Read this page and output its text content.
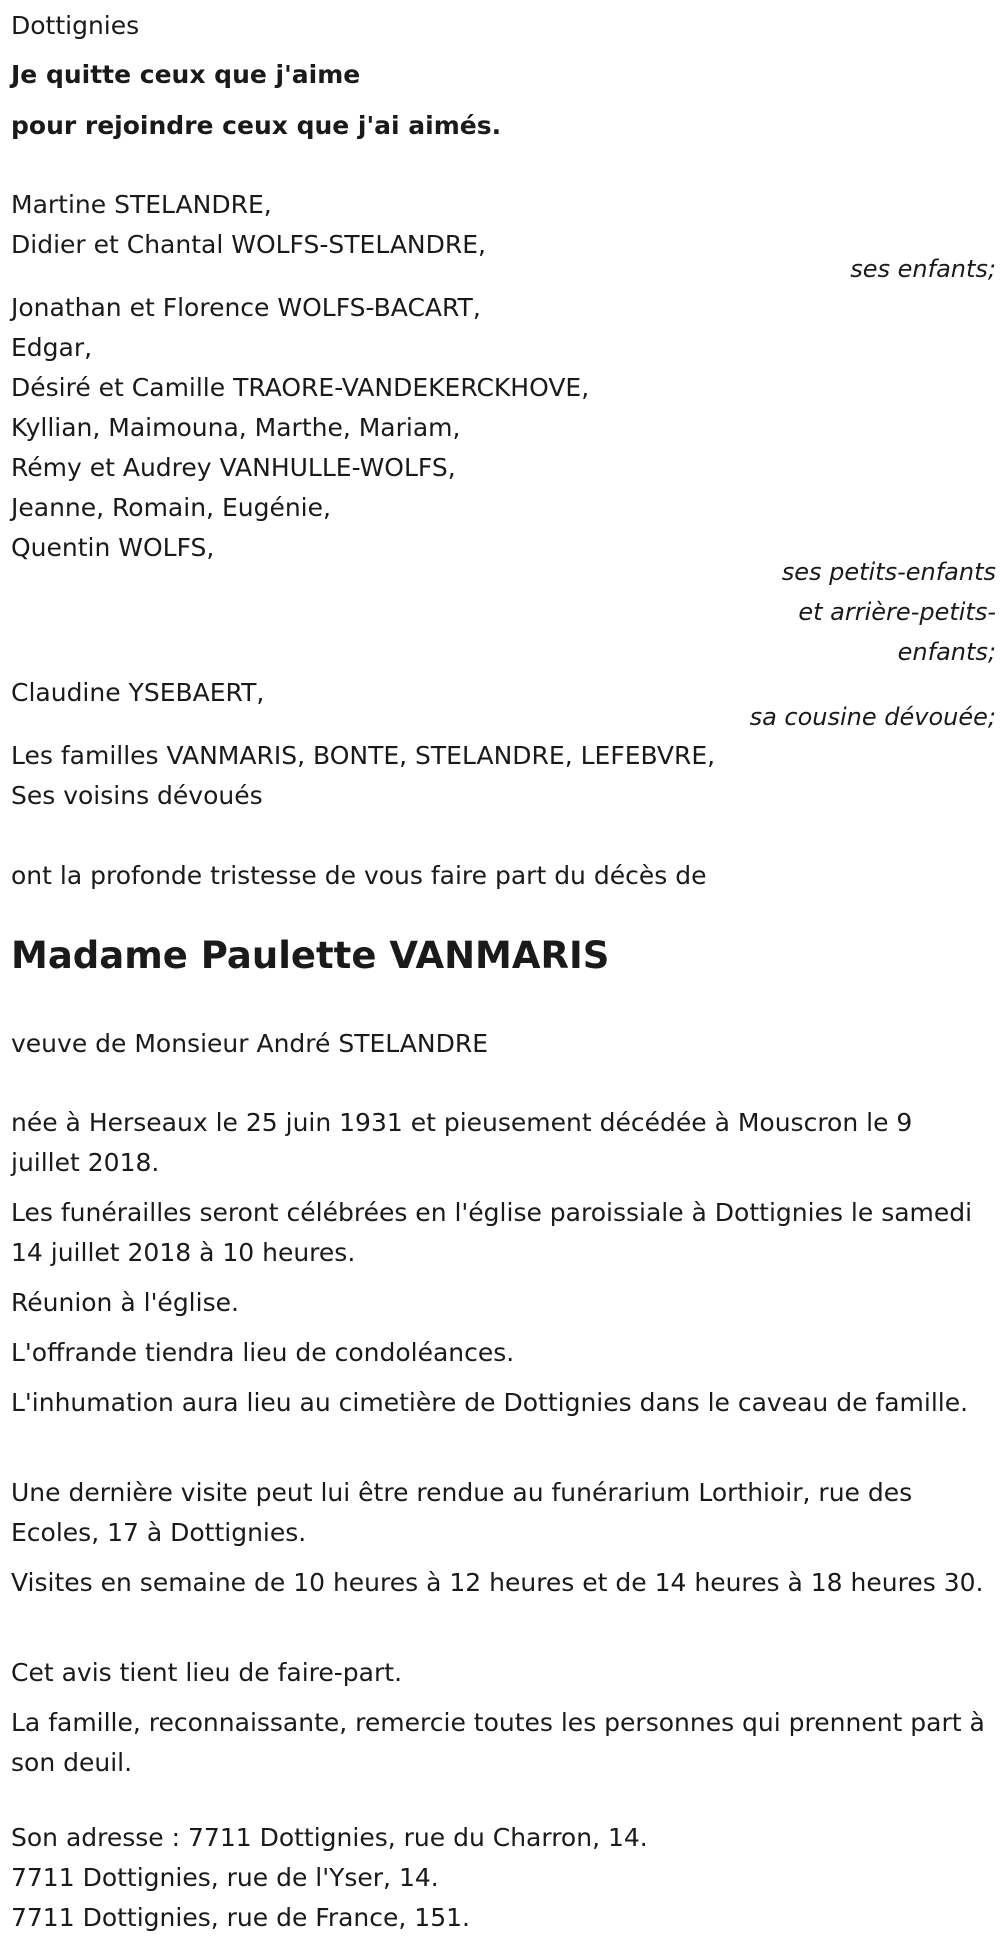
Dottignies

Je quitte ceux que j'aime

pour rejoindre ceux que j'ai aimés.

Martine STELANDRE,

Didier et Chantal WOLFS-STELANDRE,

ses enfants;

Jonathan et Florence WOLFS-BACART,

Edgar,

Désiré et Camille TRAORE-VANDEKERCKHOVE,

Kyllian, Maimouna, Marthe, Mariam,

Rémy et Audrey VANHULLE-WOLFS,

Jeanne, Romain, Eugénie,

Quentin WOLFS,

ses petits-enfants

et arrière-petits-

enfants;

Claudine YSEBAERT,

sa cousine dévouée;

Les familles VANMARIS, BONTE, STELANDRE, LEFEBVRE,

Ses voisins dévoués

ont la profonde tristesse de vous faire part du décès de

Madame Paulette VANMARIS

veuve de Monsieur André STELANDRE

née à Herseaux le 25 juin 1931 et pieusement décédée à Mouscron le 9 juillet 2018.

Les funérailles seront célébrées en l'église paroissiale à Dottignies le samedi 14 juillet 2018 à 10 heures.

Réunion à l'église.

L'offrande tiendra lieu de condoléances.

L'inhumation aura lieu au cimetière de Dottignies dans le caveau de famille.

Une dernière visite peut lui être rendue au funérarium Lorthioir, rue des Ecoles, 17 à Dottignies.

Visites en semaine de 10 heures à 12 heures et de 14 heures à 18 heures 30.

Cet avis tient lieu de faire-part.

La famille, reconnaissante, remercie toutes les personnes qui prennent part à son deuil.

Son adresse : 7711 Dottignies, rue du Charron, 14.

7711 Dottignies, rue de l'Yser, 14.

7711 Dottignies, rue de France, 151.
